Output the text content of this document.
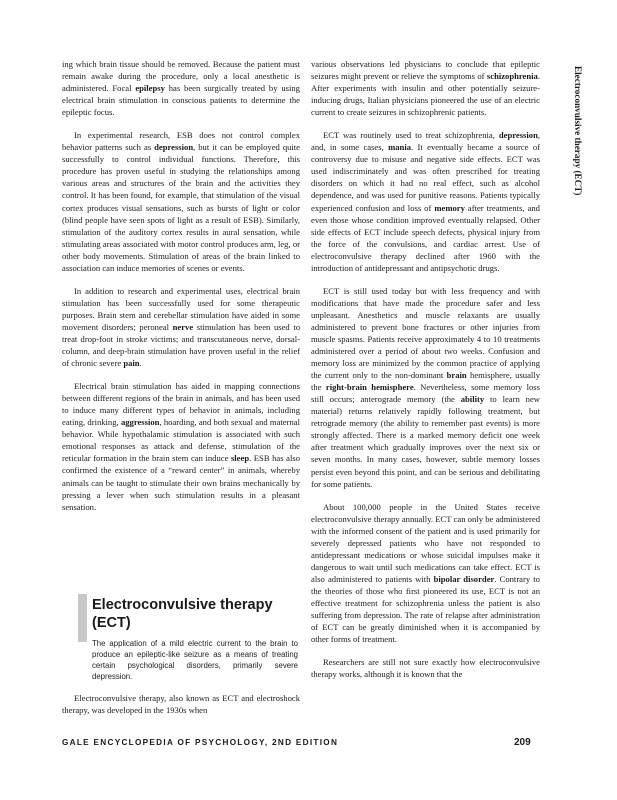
ing which brain tissue should be removed. Because the patient must remain awake during the procedure, only a local anesthetic is administered. Focal epilepsy has been surgically treated by using electrical brain stimulation in conscious patients to determine the epileptic focus.

In experimental research, ESB does not control complex behavior patterns such as depression, but it can be employed quite successfully to control individual functions. Therefore, this procedure has proven useful in studying the relationships among various areas and structures of the brain and the activities they control. It has been found, for example, that stimulation of the visual cortex produces visual sensations, such as bursts of light or color (blind people have seen spots of light as a result of ESB). Similarly, stimulation of the auditory cortex results in aural sensation, while stimulating areas associated with motor control produces arm, leg, or other body movements. Stimulation of areas of the brain linked to association can induce memories of scenes or events.

In addition to research and experimental uses, electrical brain stimulation has been successfully used for some therapeutic purposes. Brain stem and cerebellar stimulation have aided in some movement disorders; peroneal nerve stimulation has been used to treat drop-foot in stroke victims; and transcutaneous nerve, dorsal-column, and deep-brain stimulation have proven useful in the relief of chronic severe pain.

Electrical brain stimulation has aided in mapping connections between different regions of the brain in animals, and has been used to induce many different types of behavior in animals, including eating, drinking, aggression, hoarding, and both sexual and maternal behavior. While hypothalamic stimulation is associated with such emotional responses as attack and defense, stimulation of the reticular formation in the brain stem can induce sleep. ESB has also confirmed the existence of a “reward center” in animals, whereby animals can be taught to stimulate their own brains mechanically by pressing a lever when such stimulation results in a pleasant sensation.

Electroconvulsive therapy (ECT)
The application of a mild electric current to the brain to produce an epileptic-like seizure as a means of treating certain psychological disorders, primarily severe depression.

Electroconvulsive therapy, also known as ECT and electroshock therapy, was developed in the 1930s when

various observations led physicians to conclude that epileptic seizures might prevent or relieve the symptoms of schizophrenia. After experiments with insulin and other potentially seizure-inducing drugs, Italian physicians pioneered the use of an electric current to create seizures in schizophrenic patients.

ECT was routinely used to treat schizophrenia, depression, and, in some cases, mania. It eventually became a source of controversy due to misuse and negative side effects. ECT was used indiscriminately and was often prescribed for treating disorders on which it had no real effect, such as alcohol dependence, and was used for punitive reasons. Patients typically experienced confusion and loss of memory after treatments, and even those whose condition improved eventually relapsed. Other side effects of ECT include speech defects, physical injury from the force of the convulsions, and cardiac arrest. Use of electroconvulsive therapy declined after 1960 with the introduction of antidepressant and antipsychotic drugs.

ECT is still used today but with less frequency and with modifications that have made the procedure safer and less unpleasant. Anesthetics and muscle relaxants are usually administered to prevent bone fractures or other injuries from muscle spasms. Patients receive approximately 4 to 10 treatments administered over a period of about two weeks. Confusion and memory loss are minimized by the common practice of applying the current only to the non-dominant brain hemisphere, usually the right-brain hemisphere. Nevertheless, some memory loss still occurs; anterograde memory (the ability to learn new material) returns relatively rapidly following treatment, but retrograde memory (the ability to remember past events) is more strongly affected. There is a marked memory deficit one week after treatment which gradually improves over the next six or seven months. In many cases, however, subtle memory losses persist even beyond this point, and can be serious and debilitating for some patients.

About 100,000 people in the United States receive electroconvulsive therapy annually. ECT can only be administered with the informed consent of the patient and is used primarily for severely depressed patients who have not responded to antidepressant medications or whose suicidal impulses make it dangerous to wait until such medications can take effect. ECT is also administered to patients with bipolar disorder. Contrary to the theories of those who first pioneered its use, ECT is not an effective treatment for schizophrenia unless the patient is also suffering from depression. The rate of relapse after administration of ECT can be greatly diminished when it is accompanied by other forms of treatment.

Researchers are still not sure exactly how electroconvulsive therapy works, although it is known that the

Electroconvulsive therapy (ECT)
GALE ENCYCLOPEDIA OF PSYCHOLOGY, 2ND EDITION	209
